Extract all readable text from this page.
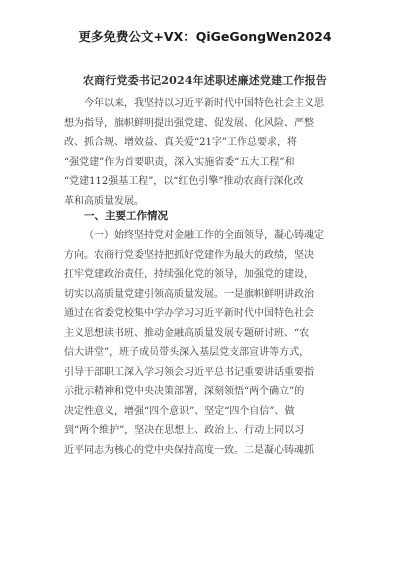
更多免费公文+VX：QiGeGongWen2024
农商行党委书记2024年述职述廉述党建工作报告
今年以来，我坚持以习近平新时代中国特色社会主义思
想为指导，旗帜鲜明提出强党建、促发展、化风险、严整
改、抓合规、增效益、真关爱“21字”工作总要求，将
“强党建”作为首要职责，深入实施省委“五大工程”和
“党建112强基工程”，以“红色引擎”推动农商行深化改
革和高质量发展。
一、主要工作情况
（一）始终坚持党对金融工作的全面领导，凝心铸魂定
方向。农商行党委坚持把抓好党建作为最大的政绩，坚决
扛牢党建政治责任，持续强化党的领导，加强党的建设，
切实以高质量党建引领高质量发展。一是旗帜鲜明讲政治
通过在省委党校集中学办学习习近平新时代中国特色社会
主义思想读书班、推动金融高质量发展专题研讨班、“农
信大讲堂”，班子成员带头深入基层党支部宣讲等方式，
引导干部职工深入学习领会习近平总书记重要讲话重要指
示批示精神和党中央决策部署，深刻领悟“两个确立”的
决定性意义，增强“四个意识”、坚定“四个自信”、做
到“两个维护”，坚决在思想上、政治上、行动上同以习
近平同志为核心的党中央保持高度一致。二是凝心铸魂抓
